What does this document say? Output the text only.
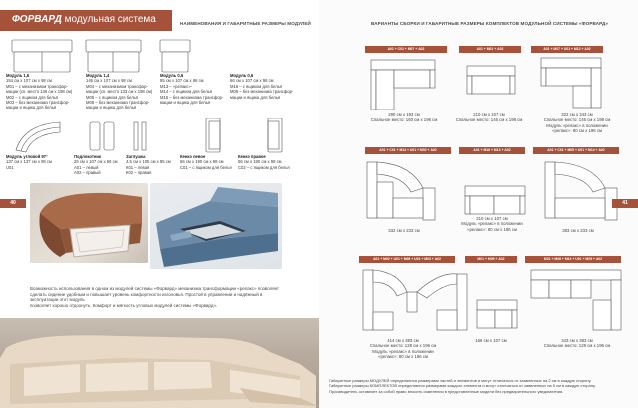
ФОРВАРД модульная система	НАИМЕНОВАНИЯ И ГАБАРИТНЫЕ РАЗМЕРЫ МОДУЛЕЙ
Модуль 1,6
154 см х 107 см х 98 см
М01 – с механизмом трансфор-
мации (сп. место 146 см х 198 см)
М02 – с ящиком для белья
М03 – без механизма трансфор-
мации и ящика для белья
Модуль 1,4
146 см х 107 см х 98 см
М04 – с механизмом трансфор-
мации (сп. место 133 см х 198 см)
М05 – с ящиком для белья
М06 – без механизма трансфор-
мации и ящика для белья
Модуль 0,6
85 см х 107 см х 98 см
М13 – «релакс»-
М14 – с ящиком для белья
М15 – без механизма трансфор-
мации и ящика для белья
Модуль 0,6
66 см х 107 см х 98 см
М16 – с ящиком для белья
М08 – без механизма трансфор-
мации и ящика для белья
Модуль угловой 97°
137 см х 137 см х 98 см
U01
Подлокотник
25 см х 107 см х 66 см
А01 – левый
А02 – правый
Заглушка
4.5 см х 105 см х 85 см
К01 – левая
К02 – правая
Кенкэ левое
66 см х 190 см х 98 см
С01 – с ящиком для белья
Кенкэ правое
66 см х 190 см х 98 см
С02 – с ящиком для белья
40
Возможность использования в одном из модулей системы «Форвард» механизма трансформации «релакс» позволяет
сделать сидение удобным и повышает уровень комфортности изголовья. Простой в управлении и надёжный в эксплуатации этот модуль
позволяет хорошо отдохнуть. Комфорт и мягкость угловых модулей системы «Форвард».
ВАРИАНТЫ СБОРКИ И ГАБАРИТНЫЕ РАЗМЕРЫ КОМПЛЕКТОВ МОДУЛЬНОЙ СИСТЕМЫ «ФОРВАРД»
А01 + С01 + М07 + А02	А01 + М01 + А02	А01 + М07 + U01 + М13 + А02
290 см х 193 см
Спальное место: 160 см х 196 см
210 см х 107 см
Спальное место: 146 см х 198 см
322 см х 343 см
Спальное место: 146 см х 198 см
Модуль «релакс» в положении
«релакс»: 80 см х 196 см
А01 + С01 + М14 + U01 + М02 + А02	А01 + М16 + М13 + А02	А01 + С01 + М05 + U01 + М14 + А02
332 см х 233 см
210 см х 107 см
Модуль «релакс» в положении
«релакс»: 80 см х 196 см	383 см х 233 см
41
А01 + М02 + U01 + М08 + U01 + М03 + А02	М01 + М05 + А02	М01 + М06 + М14 + U01 + М05 + А02
414 см х 383 см
Спальное место: 128 см х 196 см
Модуль «релакс» в положении
«релакс»: 80 см х 196 см
166 см х 107 см	343 см х 383 см
Спальное место: 128 см х 196 см
Габаритные размеры МОДУЛЕЙ определяются размерами частей и элементов и могут отличаться от заявленных на 2 см в каждую сторону.
Габаритные размеры КОМПЛЕКТОВ определяются размерами каждого элемента и могут отличаться от заявленных на 5 см в каждую сторону.
Производитель оставляет за собой право вносить изменения в представленные модели без предварительного уведомления.
